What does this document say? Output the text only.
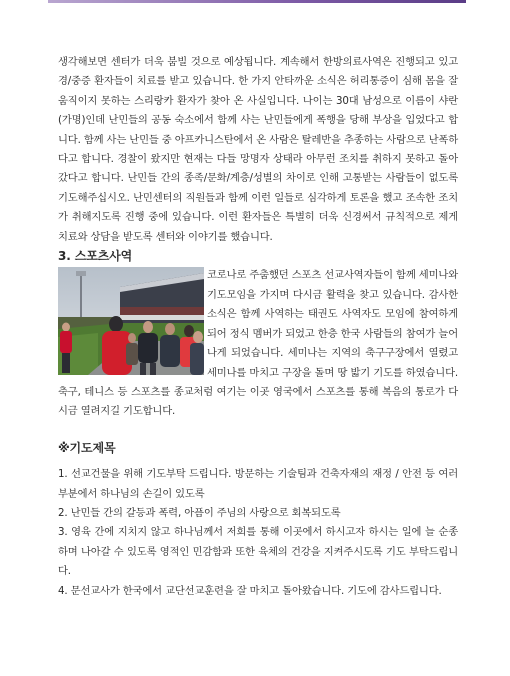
생각해보면 센터가 더욱 붐빌 것으로 예상됩니다. 계속해서 한방의료사역은 진행되고 있고 경/중증 환자들이 치료를 받고 있습니다. 한 가지 안타까운 소식은 허리통증이 심해 몸을 잘 움직이지 못하는 스리랑카 환자가 찾아 온 사실입니다. 나이는 30대 남성으로 이름이 샤란(가명)인데 난민들의 공동 숙소에서 함께 사는 난민들에게 폭행을 당해 부상을 입었다고 합니다. 함께 사는 난민들 중 아프카니스탄에서 온 사람은 탈레반을 추종하는 사람으로 난폭하다고 합니다. 경찰이 왔지만 현재는 다들 망명자 상태라 아무런 조치를 취하지 못하고 돌아갔다고 합니다. 난민들 간의 종족/문화/계층/성별의 차이로 인해 고통받는 사람들이 없도록 기도해주십시오. 난민센터의 직원들과 함께 이런 일들로 심각하게 토론을 했고 조속한 조치가 취해지도록 진행 중에 있습니다. 이런 환자들은 특별히 더욱 신경써서 규칙적으로 제게 치료와 상담을 받도록 센터와 이야기를 했습니다.

3. 스포츠사역

코로나로 주춤했던 스포츠 선교사역자들이 함께 세미나와 기도모임을 가지며 다시금 활력을 찾고 있습니다. 감사한 소식은 함께 사역하는 태권도 사역자도 모임에 참여하게 되어 정식 멤버가 되었고 한층 한국 사람들의 참여가 늘어나게 되었습니다. 세미나는 지역의 축구구장에서 열렸고 세미나를 마치고 구장을 돌며 땅 밟기 기도를 하였습니다. 축구, 테니스 등 스포츠를 종교처럼 여기는 이곳 영국에서 스포츠를 통해 복음의 통로가 다시금 열려지길 기도합니다.

※기도제목
1. 선교건물을 위해 기도부탁 드립니다. 방문하는 기술팀과 건축자재의 재정 / 안전 등 여러 부분에서 하나님의 손길이 있도록
2. 난민들 간의 갈등과 폭력, 아픔이 주님의 사랑으로 회복되도록
3. 영육 간에 지치지 않고 하나님께서 저희를 통해 이곳에서 하시고자 하시는 일에 늘 순종하며 나아갈 수 있도록 영적인 민감함과 또한 육체의 건강을 지켜주시도록 기도 부탁드립니다.
4. 문선교사가 한국에서 교단선교훈련을 잘 마치고 돌아왔습니다. 기도에 감사드립니다.
